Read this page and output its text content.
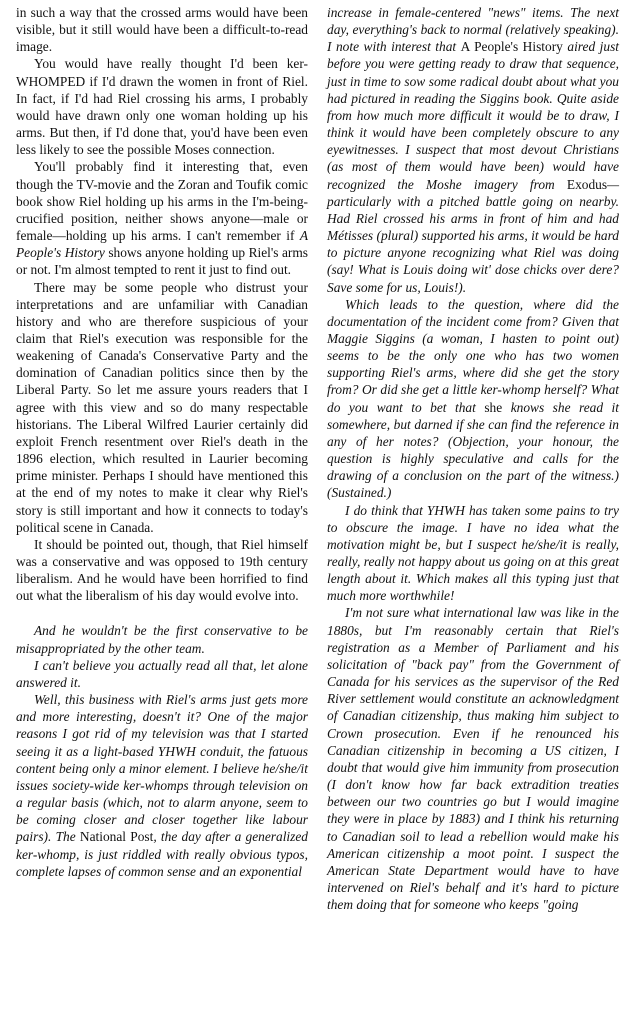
in such a way that the crossed arms would have been visible, but it still would have been a difficult-to-read image.

You would have really thought I'd been ker-WHOMPED if I'd drawn the women in front of Riel. In fact, if I'd had Riel crossing his arms, I probably would have drawn only one woman holding up his arms. But then, if I'd done that, you'd have been even less likely to see the possible Moses connection.

You'll probably find it interesting that, even though the TV-movie and the Zoran and Toufik comic book show Riel holding up his arms in the I'm-being-crucified position, neither shows anyone—male or female—holding up his arms. I can't remember if A People's History shows anyone holding up Riel's arms or not. I'm almost tempted to rent it just to find out.

There may be some people who distrust your interpretations and are unfamiliar with Canadian history and who are therefore suspicious of your claim that Riel's execution was responsible for the weakening of Canada's Conservative Party and the domination of Canadian politics since then by the Liberal Party. So let me assure yours readers that I agree with this view and so do many respectable historians. The Liberal Wilfred Laurier certainly did exploit French resentment over Riel's death in the 1896 election, which resulted in Laurier becoming prime minister. Perhaps I should have mentioned this at the end of my notes to make it clear why Riel's story is still important and how it connects to today's political scene in Canada.

It should be pointed out, though, that Riel himself was a conservative and was opposed to 19th century liberalism. And he would have been horrified to find out what the liberalism of his day would evolve into.

And he wouldn't be the first conservative to be misappropriated by the other team.

I can't believe you actually read all that, let alone answered it.

Well, this business with Riel's arms just gets more and more interesting, doesn't it? One of the major reasons I got rid of my television was that I started seeing it as a light-based YHWH conduit, the fatuous content being only a minor element. I believe he/she/it issues society-wide ker-whomps through television on a regular basis (which, not to alarm anyone, seem to be coming closer and closer together like labour pairs). The National Post, the day after a generalized ker-whomp, is just riddled with really obvious typos, complete lapses of common sense and an exponential

increase in female-centered "news" items. The next day, everything's back to normal (relatively speaking). I note with interest that A People's History aired just before you were getting ready to draw that sequence, just in time to sow some radical doubt about what you had pictured in reading the Siggins book. Quite aside from how much more difficult it would be to draw, I think it would have been completely obscure to any eyewitnesses. I suspect that most devout Christians (as most of them would have been) would have recognized the Moshe imagery from Exodus—particularly with a pitched battle going on nearby. Had Riel crossed his arms in front of him and had Métisses (plural) supported his arms, it would be hard to picture anyone recognizing what Riel was doing (say! What is Louis doing wit' dose chicks over dere? Save some for us, Louis!).

Which leads to the question, where did the documentation of the incident come from? Given that Maggie Siggins (a woman, I hasten to point out) seems to be the only one who has two women supporting Riel's arms, where did she get the story from? Or did she get a little ker-whomp herself? What do you want to bet that she knows she read it somewhere, but darned if she can find the reference in any of her notes? (Objection, your honour, the question is highly speculative and calls for the drawing of a conclusion on the part of the witness.) (Sustained.)

I do think that YHWH has taken some pains to try to obscure the image. I have no idea what the motivation might be, but I suspect he/she/it is really, really, really not happy about us going on at this great length about it. Which makes all this typing just that much more worthwhile!

I'm not sure what international law was like in the 1880s, but I'm reasonably certain that Riel's registration as a Member of Parliament and his solicitation of "back pay" from the Government of Canada for his services as the supervisor of the Red River settlement would constitute an acknowledgment of Canadian citizenship, thus making him subject to Crown prosecution. Even if he renounced his Canadian citizenship in becoming a US citizen, I doubt that would give him immunity from prosecution (I don't know how far back extradition treaties between our two countries go but I would imagine they were in place by 1883) and I think his returning to Canadian soil to lead a rebellion would make his American citizenship a moot point. I suspect the American State Department would have to have intervened on Riel's behalf and it's hard to picture them doing that for someone who keeps "going
